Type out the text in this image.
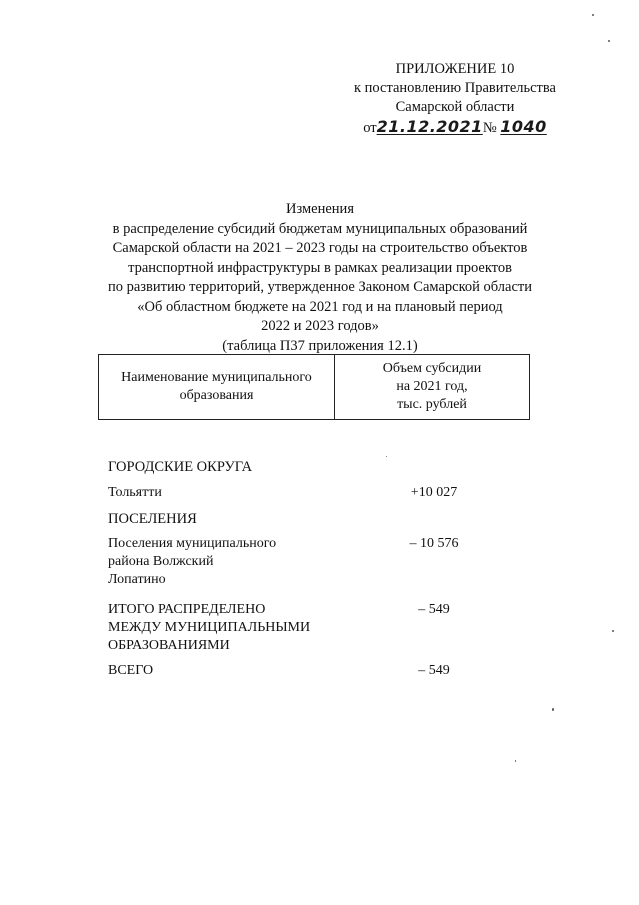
ПРИЛОЖЕНИЕ 10
к постановлению Правительства
Самарской области
от21.12.2021№ 1040
Изменения
в распределение субсидий бюджетам муниципальных образований
Самарской области на 2021 – 2023 годы на строительство объектов
транспортной инфраструктуры в рамках реализации проектов
по развитию территорий, утвержденное Законом Самарской области
«Об областном бюджете на 2021 год и на плановый период
2022 и 2023 годов»
(таблица П37 приложения 12.1)
Наименование муниципального
образования
Объем субсидии
на 2021 год,
тыс. рублей
ГОРОДСКИЕ ОКРУГА
Тольятти	+10 027
ПОСЕЛЕНИЯ
Поселения муниципального
района Волжский
Лопатино
– 10 576
ИТОГО РАСПРЕДЕЛЕНО
МЕЖДУ МУНИЦИПАЛЬНЫМИ
ОБРАЗОВАНИЯМИ
– 549
ВСЕГО	– 549
